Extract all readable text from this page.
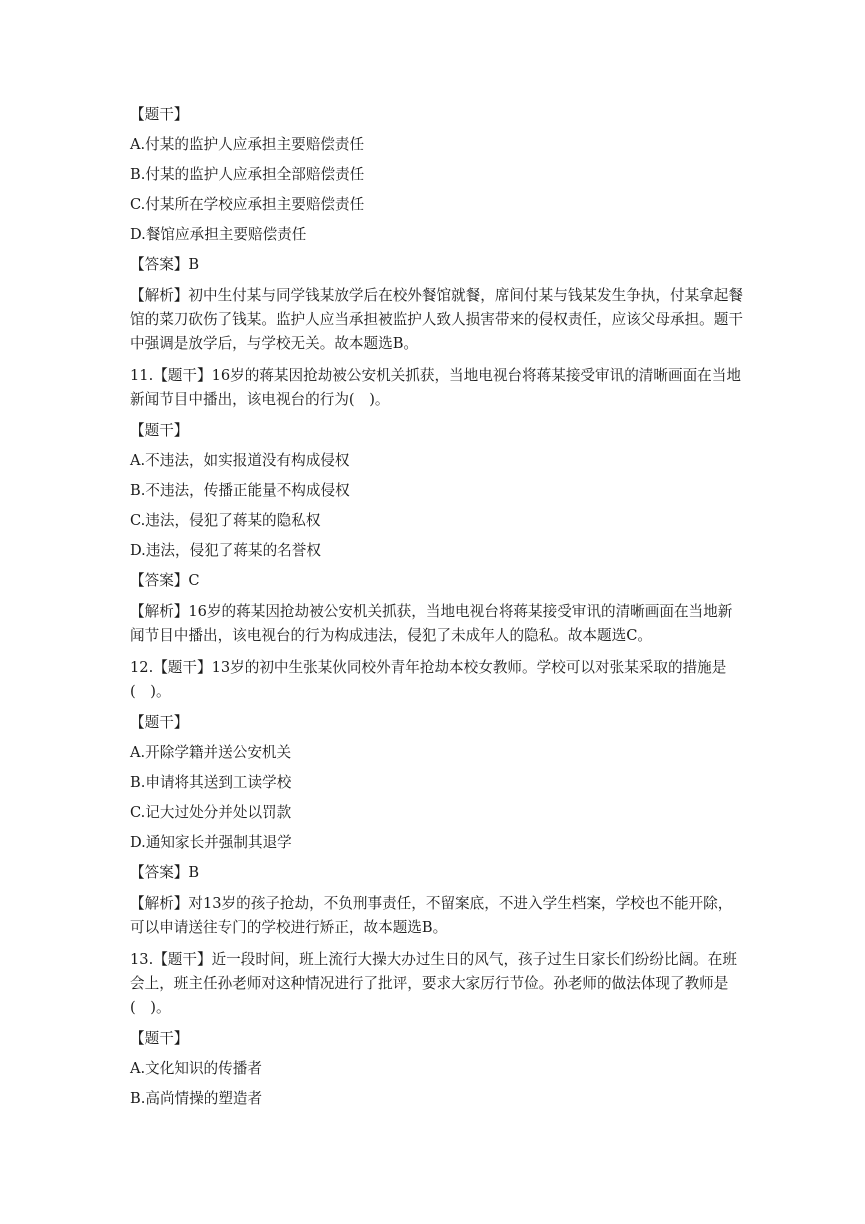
【题干】
A.付某的监护人应承担主要赔偿责任
B.付某的监护人应承担全部赔偿责任
C.付某所在学校应承担主要赔偿责任
D.餐馆应承担主要赔偿责任
【答案】B
【解析】初中生付某与同学钱某放学后在校外餐馆就餐，席间付某与钱某发生争执，付某拿起餐馆的菜刀砍伤了钱某。监护人应当承担被监护人致人损害带来的侵权责任，应该父母承担。题干中强调是放学后，与学校无关。故本题选B。
11.【题干】16岁的蒋某因抢劫被公安机关抓获，当地电视台将蒋某接受审讯的清晰画面在当地新闻节目中播出，该电视台的行为(　)。
【题干】
A.不违法，如实报道没有构成侵权
B.不违法，传播正能量不构成侵权
C.违法，侵犯了蒋某的隐私权
D.违法，侵犯了蒋某的名誉权
【答案】C
【解析】16岁的蒋某因抢劫被公安机关抓获，当地电视台将蒋某接受审讯的清晰画面在当地新闻节目中播出，该电视台的行为构成违法，侵犯了未成年人的隐私。故本题选C。
12.【题干】13岁的初中生张某伙同校外青年抢劫本校女教师。学校可以对张某采取的措施是(　)。
【题干】
A.开除学籍并送公安机关
B.申请将其送到工读学校
C.记大过处分并处以罚款
D.通知家长并强制其退学
【答案】B
【解析】对13岁的孩子抢劫，不负刑事责任，不留案底，不进入学生档案，学校也不能开除，可以申请送往专门的学校进行矫正，故本题选B。
13.【题干】近一段时间，班上流行大操大办过生日的风气，孩子过生日家长们纷纷比阔。在班会上，班主任孙老师对这种情况进行了批评，要求大家厉行节俭。孙老师的做法体现了教师是(　)。
【题干】
A.文化知识的传播者
B.高尚情操的塑造者
